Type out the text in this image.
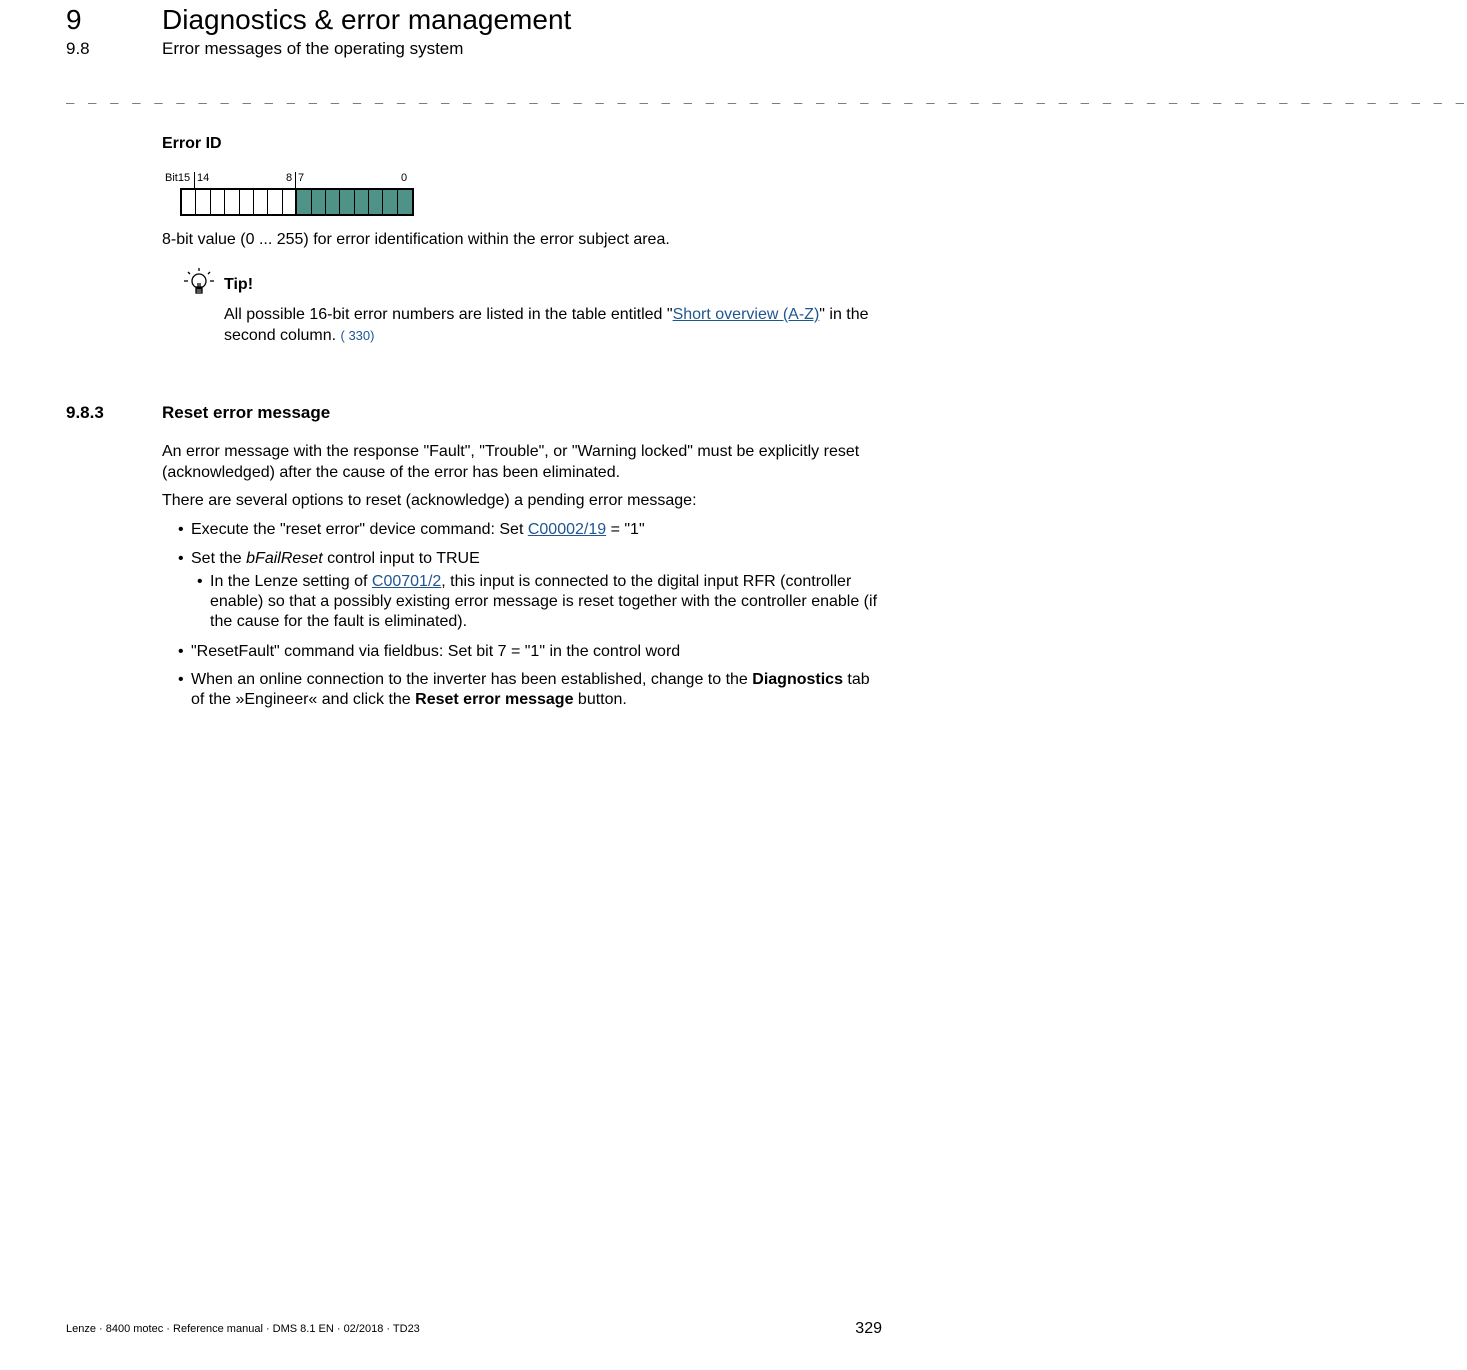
9	Diagnostics & error management
9.8	Error messages of the operating system
_ _ _ _ _ _ _ _ _ _ _ _ _ _ _ _ _ _ _ _ _ _ _ _ _ _ _ _ _ _ _ _ _ _ _ _ _ _ _ _ _ _ _ _ _ _ _ _ _ _ _ _ _ _ _ _ _ _ _ _ _ _ _ _
Error ID
Bit15 14	8 7	0
8-bit value (0 ... 255) for error identification within the error subject area.
Tip!
All possible 16-bit error numbers are listed in the table entitled "Short overview (A-Z)" in the second column. ( 330)
9.8.3	Reset error message
An error message with the response "Fault", "Trouble", or "Warning locked" must be explicitly reset (acknowledged) after the cause of the error has been eliminated.
There are several options to reset (acknowledge) a pending error message:
• Execute the "reset error" device command: Set C00002/19 = "1"
• Set the bFailReset control input to TRUE
• In the Lenze setting of C00701/2, this input is connected to the digital input RFR (controller enable) so that a possibly existing error message is reset together with the controller enable (if the cause for the fault is eliminated).
• "ResetFault" command via fieldbus: Set bit 7 = "1" in the control word
• When an online connection to the inverter has been established, change to the Diagnostics tab of the »Engineer« and click the Reset error message button.
Lenze · 8400 motec · Reference manual · DMS 8.1 EN · 02/2018 · TD23	329
